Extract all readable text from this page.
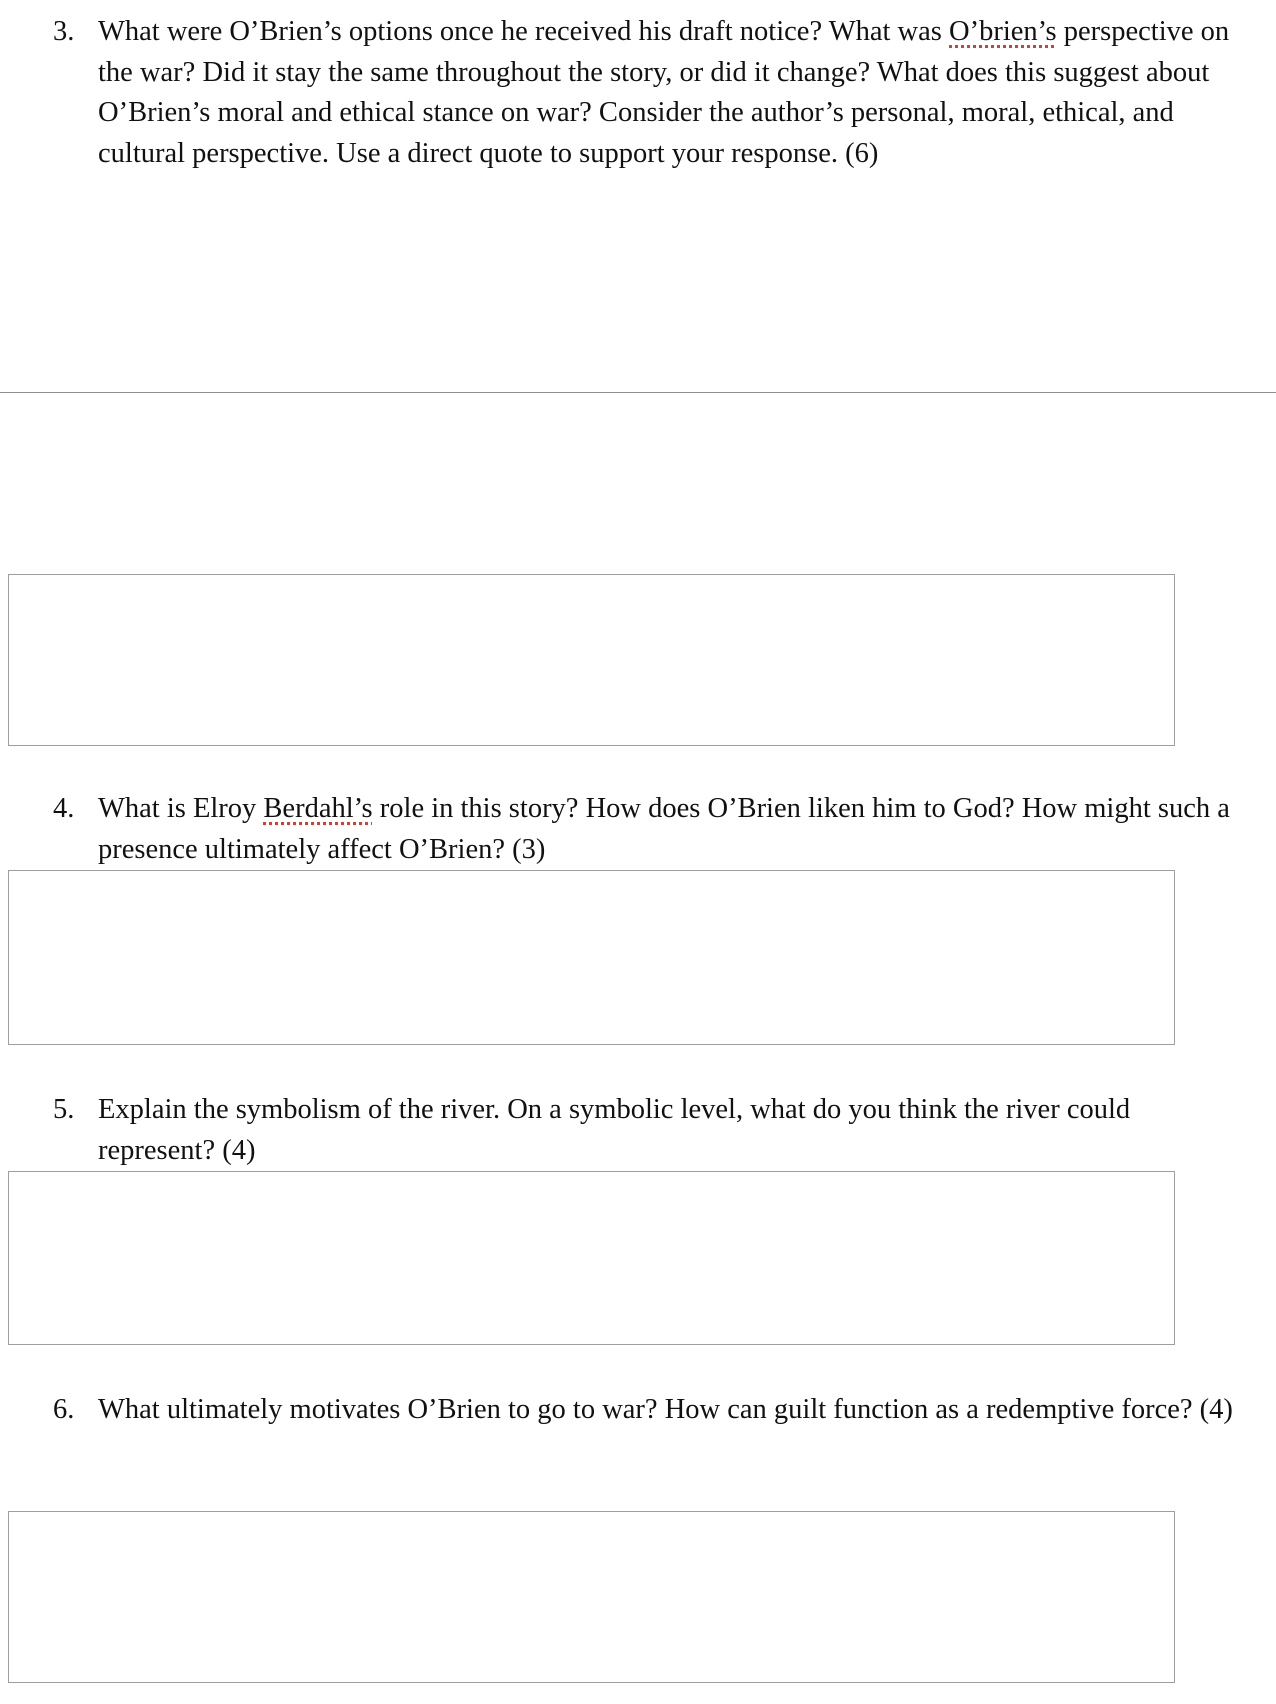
3. What were O’Brien’s options once he received his draft notice? What was O’brien’s perspective on the war? Did it stay the same throughout the story, or did it change? What does this suggest about O’Brien’s moral and ethical stance on war? Consider the author’s personal, moral, ethical, and cultural perspective. Use a direct quote to support your response. (6)
4. What is Elroy Berdahl’s role in this story? How does O’Brien liken him to God? How might such a presence ultimately affect O’Brien? (3)
5. Explain the symbolism of the river. On a symbolic level, what do you think the river could represent? (4)
6. What ultimately motivates O’Brien to go to war? How can guilt function as a redemptive force? (4)
